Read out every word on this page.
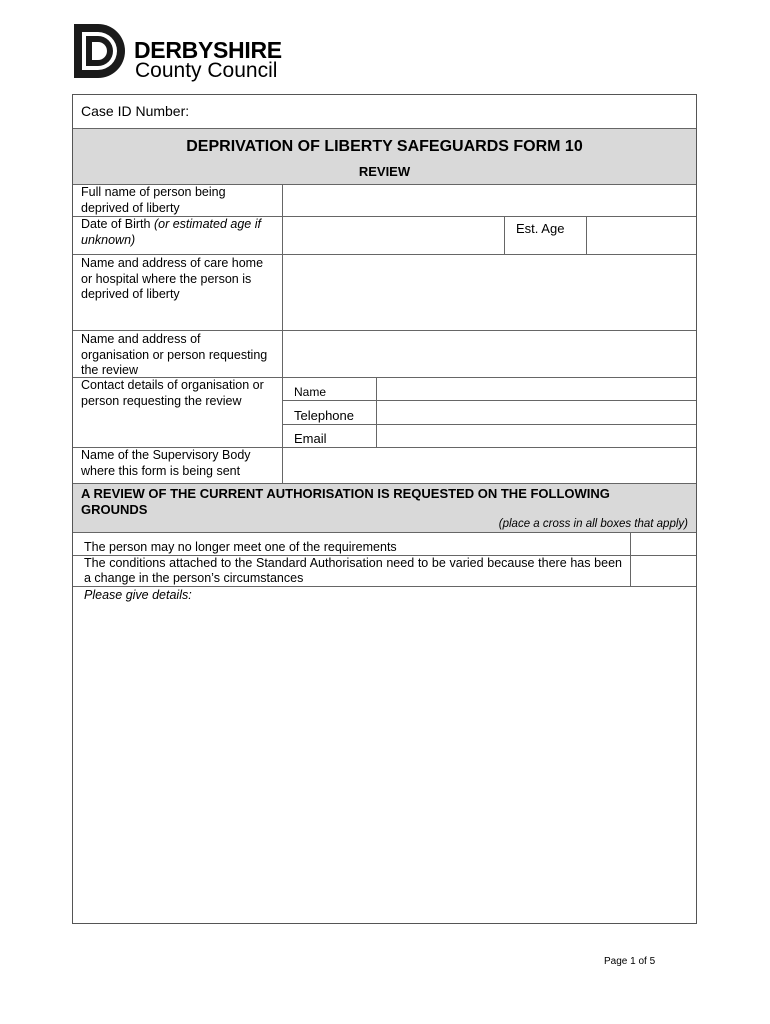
DERBYSHIRE
County Council
Case ID Number:
DEPRIVATION OF LIBERTY SAFEGUARDS FORM 10
REVIEW
Full name of person being deprived of liberty
Date of Birth (or estimated age if unknown)
Est. Age
Name and address of care home or hospital where the person is deprived of liberty
Name and address of organisation or person requesting the review
Contact details of organisation or person requesting the review
Name
Telephone
Email
Name of the Supervisory Body where this form is being sent
A REVIEW OF THE CURRENT AUTHORISATION IS REQUESTED ON THE FOLLOWING GROUNDS
(place a cross in all boxes that apply)
The person may no longer meet one of the requirements
The conditions attached to the Standard Authorisation need to be varied because there has been a change in the person’s circumstances
Please give details:
Page 1 of 5
